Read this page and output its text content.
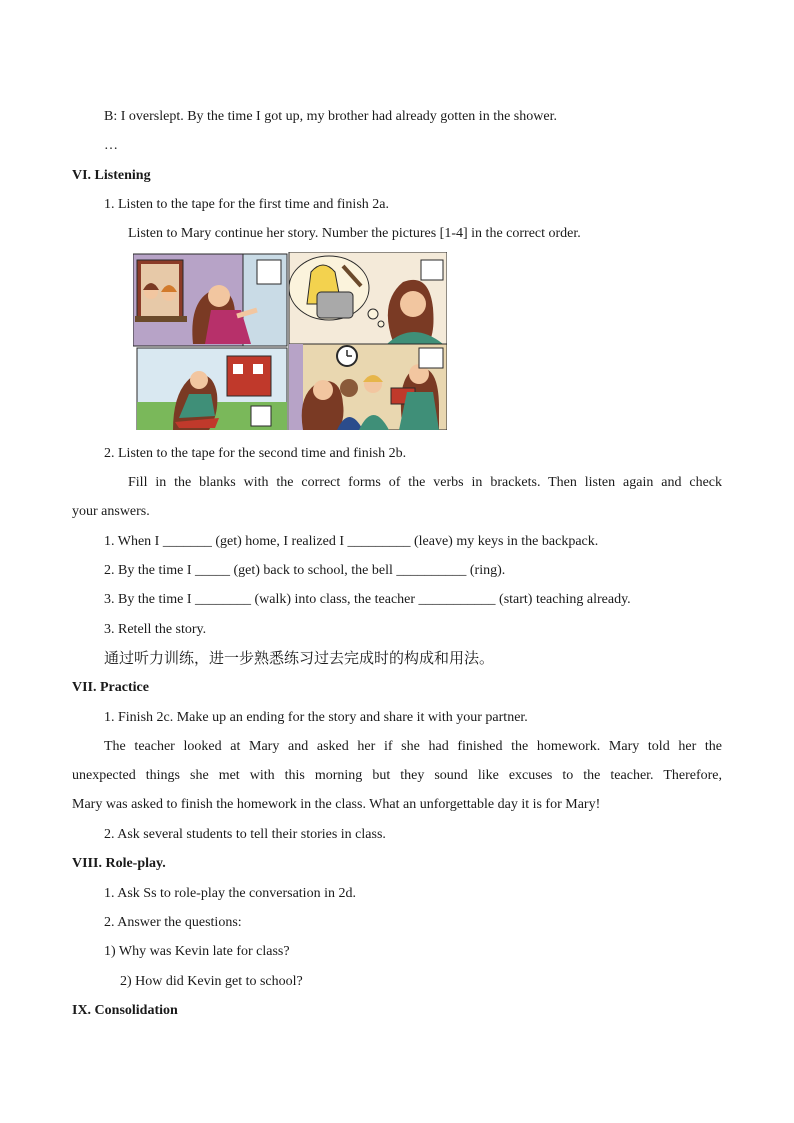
B: I overslept. By the time I got up, my brother had already gotten in the shower.
…
VI. Listening
1. Listen to the tape for the first time and finish 2a.
Listen to Mary continue her story. Number the pictures [1-4] in the correct order.
2. Listen to the tape for the second time and finish 2b.
Fill in the blanks with the correct forms of the verbs in brackets. Then listen again and check
your answers.
1. When I _______ (get) home, I realized I _________ (leave) my keys in the backpack.
2. By the time I _____ (get) back to school, the bell __________ (ring).
3. By the time I ________ (walk) into class, the teacher ___________ (start) teaching already.
3. Retell the story.
通过听力训练，进一步熟悉练习过去完成时的构成和用法。
VII. Practice
1. Finish 2c. Make up an ending for the story and share it with your partner.
The teacher looked at Mary and asked her if she had finished the homework. Mary told her the
unexpected things she met with this morning but they sound like excuses to the teacher. Therefore,
Mary was asked to finish the homework in the class. What an unforgettable day it is for Mary!
2. Ask several students to tell their stories in class.
VIII. Role-play.
1. Ask Ss to role-play the conversation in 2d.
2. Answer the questions:
1) Why was Kevin late for class?
2) How did Kevin get to school?
IX. Consolidation
